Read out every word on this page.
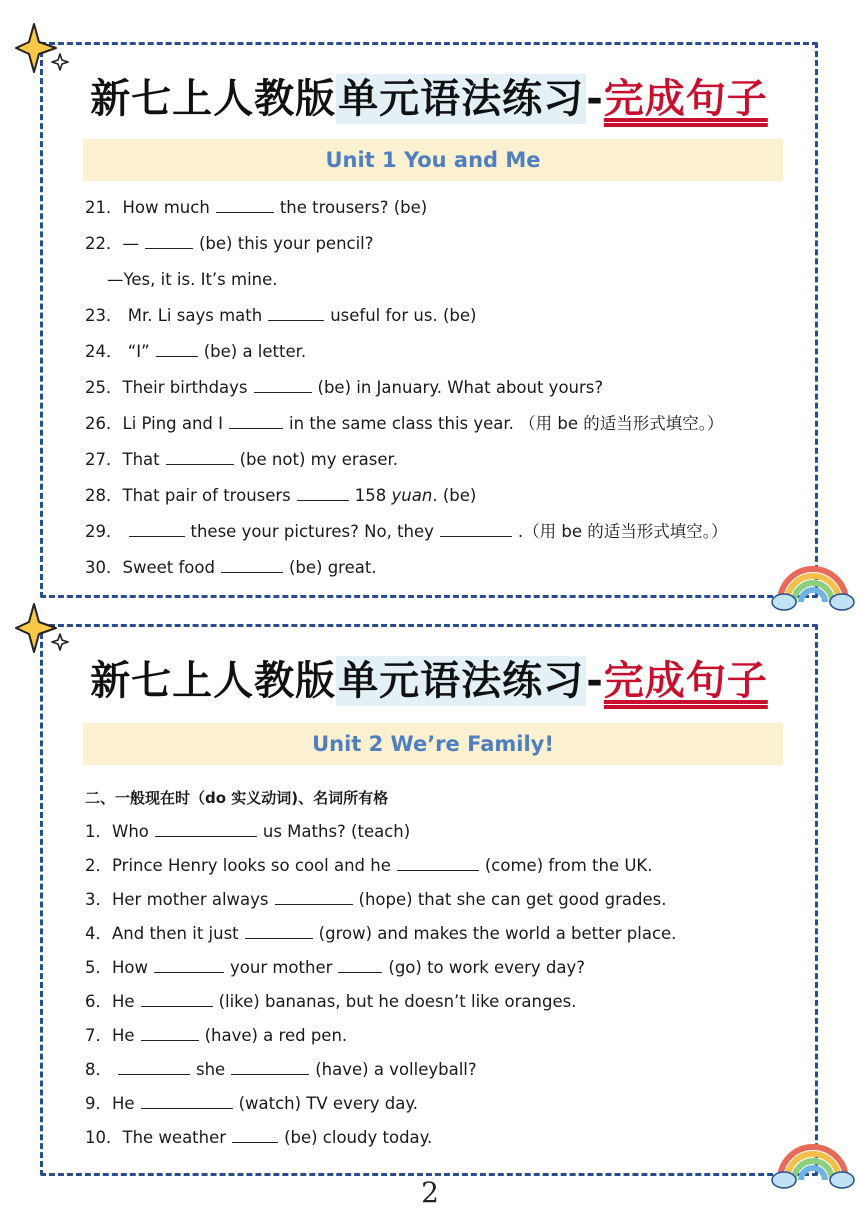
新七上人教版单元语法练习-完成句子
Unit 1 You and Me
21．How much	the trousers? (be)
22．—	(be) this your pencil?
—Yes, it is. It’s mine.
23． Mr. Li says math	useful for us. (be)
24． “I”	(be) a letter.
25．Their birthdays	(be) in January. What about yours?
26．Li Ping and I	in the same class this year. （用 be 的适当形式填空。）
27．That	(be not) my eraser.
28．That pair of trousers	158 yuan. (be)
29．	these your pictures? No, they	.（用 be 的适当形式填空。）
30．Sweet food	(be) great.
新七上人教版单元语法练习-完成句子
Unit 2 We’re Family!
二、一般现在时（do 实义动词)、名词所有格
1．Who	us Maths? (teach)
2．Prince Henry looks so cool and he	(come) from the UK.
3．Her mother always	(hope) that she can get good grades.
4．And then it just	(grow) and makes the world a better place.
5．How	your mother	(go) to work every day?
6．He	(like) bananas, but he doesn’t like oranges.
7．He	(have) a red pen.
8．	she	(have) a volleyball?
9．He	(watch) TV every day.
10．The weather	(be) cloudy today.
2
